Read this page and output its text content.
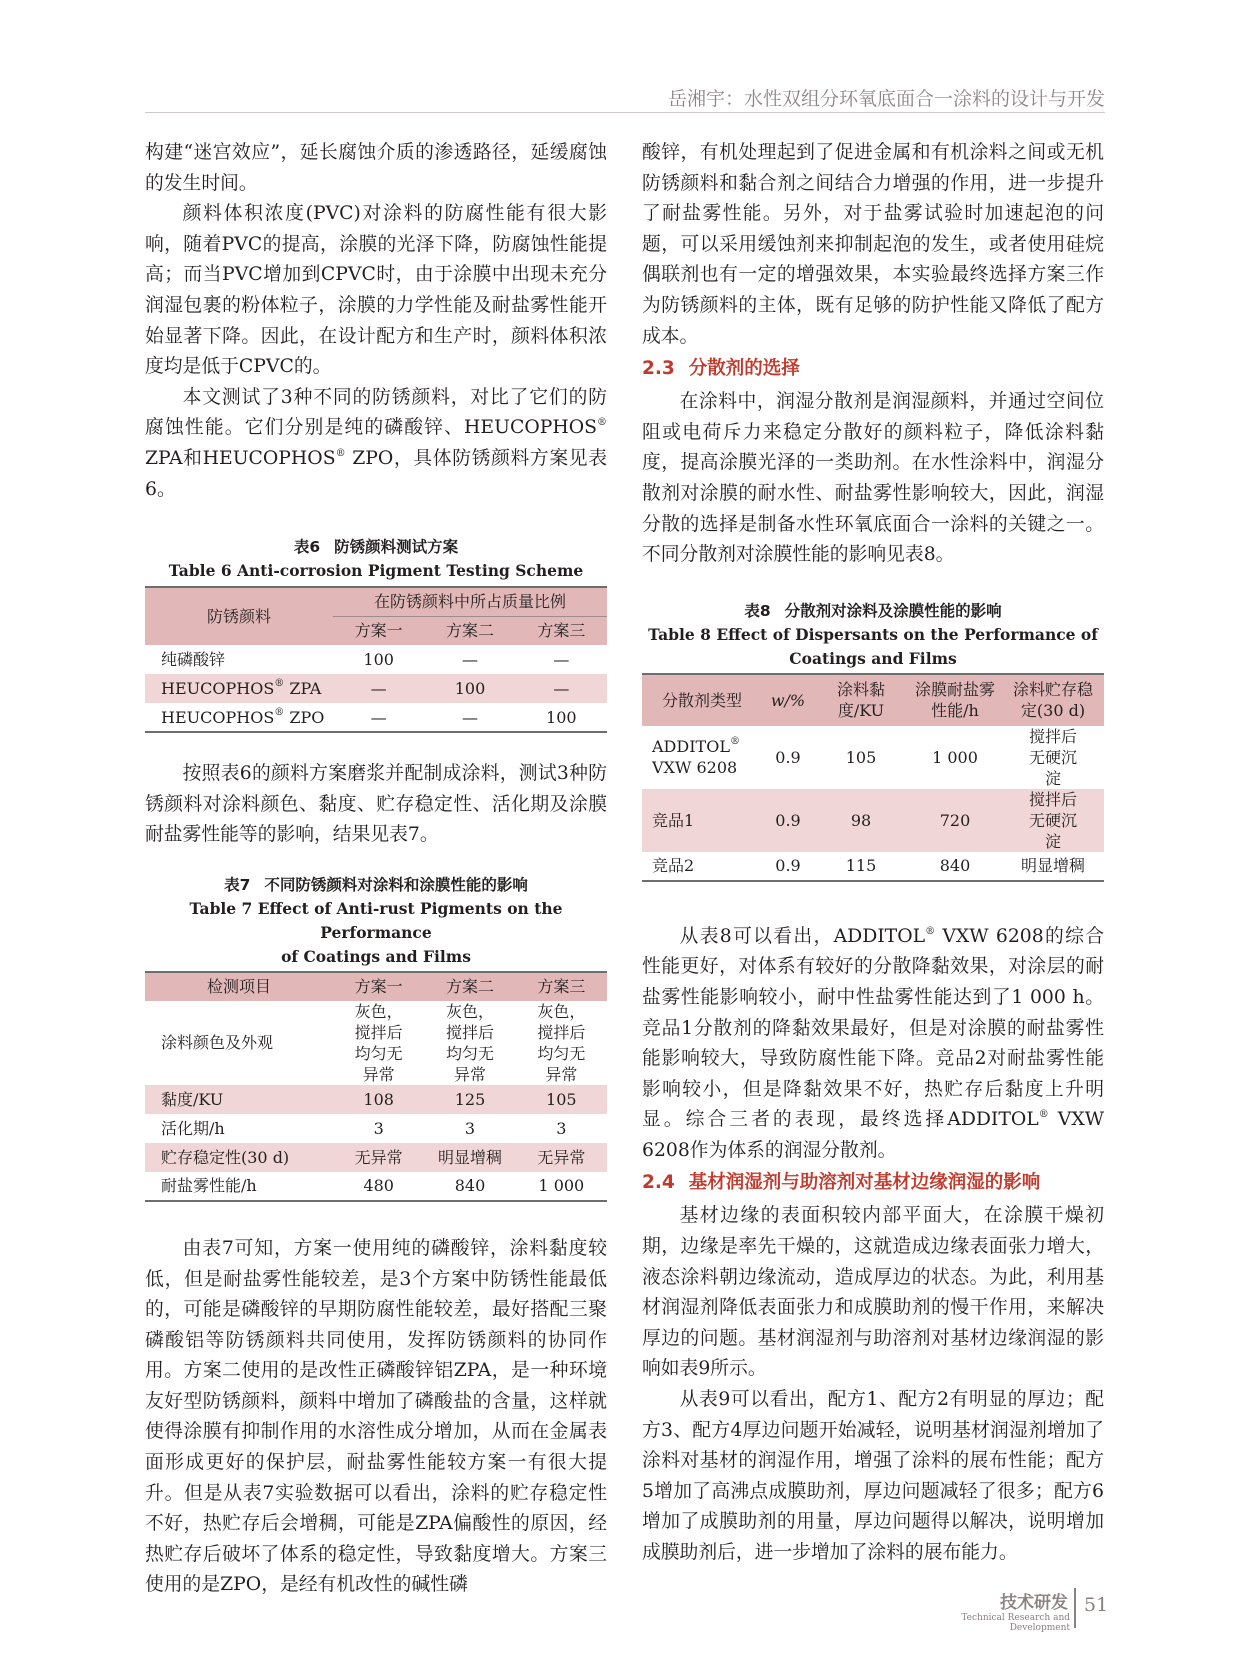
岳湘宇：水性双组分环氧底面合一涂料的设计与开发

构建“迷宫效应”，延长腐蚀介质的渗透路径，延缓腐蚀的发生时间。

颜料体积浓度(PVC)对涂料的防腐性能有很大影响，随着PVC的提高，涂膜的光泽下降，防腐蚀性能提高；而当PVC增加到CPVC时，由于涂膜中出现未充分润湿包裹的粉体粒子，涂膜的力学性能及耐盐雾性能开始显著下降。因此，在设计配方和生产时，颜料体积浓度均是低于CPVC的。

本文测试了3种不同的防锈颜料，对比了它们的防腐蚀性能。它们分别是纯的磷酸锌、HEUCOPHOS® ZPA和HEUCOPHOS® ZPO，具体防锈颜料方案见表6。

表6 防锈颜料测试方案
Table 6 Anti-corrosion Pigment Testing Scheme
防锈颜料	在防锈颜料中所占质量比例		
	方案一	方案二	方案三
纯磷酸锌	100	—	—
HEUCOPHOS® ZPA	—	100	—
HEUCOPHOS® ZPO	—	—	100

按照表6的颜料方案磨浆并配制成涂料，测试3种防锈颜料对涂料颜色、黏度、贮存稳定性、活化期及涂膜耐盐雾性能等的影响，结果见表7。

表7 不同防锈颜料对涂料和涂膜性能的影响
Table 7 Effect of Anti-rust Pigments on the Performance
of Coatings and Films
检测项目	方案一	方案二	方案三
涂料颜色及外观	灰色，搅拌后均匀无异常	灰色，搅拌后均匀无异常	灰色，搅拌后均匀无异常
黏度/KU	108	125	105
活化期/h	3	3	3
贮存稳定性(30 d)	无异常	明显增稠	无异常
耐盐雾性能/h	480	840	1 000

由表7可知，方案一使用纯的磷酸锌，涂料黏度较低，但是耐盐雾性能较差，是3个方案中防锈性能最低的，可能是磷酸锌的早期防腐性能较差，最好搭配三聚磷酸铝等防锈颜料共同使用，发挥防锈颜料的协同作用。方案二使用的是改性正磷酸锌铝ZPA，是一种环境友好型防锈颜料，颜料中增加了磷酸盐的含量，这样就使得涂膜有抑制作用的水溶性成分增加，从而在金属表面形成更好的保护层，耐盐雾性能较方案一有很大提升。但是从表7实验数据可以看出，涂料的贮存稳定性不好，热贮存后会增稠，可能是ZPA偏酸性的原因，经热贮存后破坏了体系的稳定性，导致黏度增大。方案三使用的是ZPO，是经有机改性的碱性磷

酸锌，有机处理起到了促进金属和有机涂料之间或无机防锈颜料和黏合剂之间结合力增强的作用，进一步提升了耐盐雾性能。另外，对于盐雾试验时加速起泡的问题，可以采用缓蚀剂来抑制起泡的发生，或者使用硅烷偶联剂也有一定的增强效果，本实验最终选择方案三作为防锈颜料的主体，既有足够的防护性能又降低了配方成本。

2.3 分散剂的选择

在涂料中，润湿分散剂是润湿颜料，并通过空间位阻或电荷斥力来稳定分散好的颜料粒子，降低涂料黏度，提高涂膜光泽的一类助剂。在水性涂料中，润湿分散剂对涂膜的耐水性、耐盐雾性影响较大，因此，润湿分散的选择是制备水性环氧底面合一涂料的关键之一。不同分散剂对涂膜性能的影响见表8。

表8 分散剂对涂料及涂膜性能的影响
Table 8 Effect of Dispersants on the Performance of
Coatings and Films
分散剂类型	w/%	涂料黏度/KU	涂膜耐盐雾性能/h	涂料贮存稳定(30 d)
ADDITOL®
VXW 6208	0.9	105	1 000	搅拌后无硬沉淀
竞品1	0.9	98	720	搅拌后无硬沉淀
竞品2	0.9	115	840	明显增稠

从表8可以看出，ADDITOL® VXW 6208的综合性能更好，对体系有较好的分散降黏效果，对涂层的耐盐雾性能影响较小，耐中性盐雾性能达到了1 000 h。竞品1分散剂的降黏效果最好，但是对涂膜的耐盐雾性能影响较大，导致防腐性能下降。竞品2对耐盐雾性能影响较小，但是降黏效果不好，热贮存后黏度上升明显。综合三者的表现，最终选择ADDITOL® VXW 6208作为体系的润湿分散剂。

2.4 基材润湿剂与助溶剂对基材边缘润湿的影响

基材边缘的表面积较内部平面大，在涂膜干燥初期，边缘是率先干燥的，这就造成边缘表面张力增大，液态涂料朝边缘流动，造成厚边的状态。为此，利用基材润湿剂降低表面张力和成膜助剂的慢干作用，来解决厚边的问题。基材润湿剂与助溶剂对基材边缘润湿的影响如表9所示。

从表9可以看出，配方1、配方2有明显的厚边；配方3、配方4厚边问题开始减轻，说明基材润湿剂增加了涂料对基材的润湿作用，增强了涂料的展布性能；配方5增加了高沸点成膜助剂，厚边问题减轻了很多；配方6增加了成膜助剂的用量，厚边问题得以解决，说明增加成膜助剂后，进一步增加了涂料的展布能力。

技术研发
Technical Research and Development
51
